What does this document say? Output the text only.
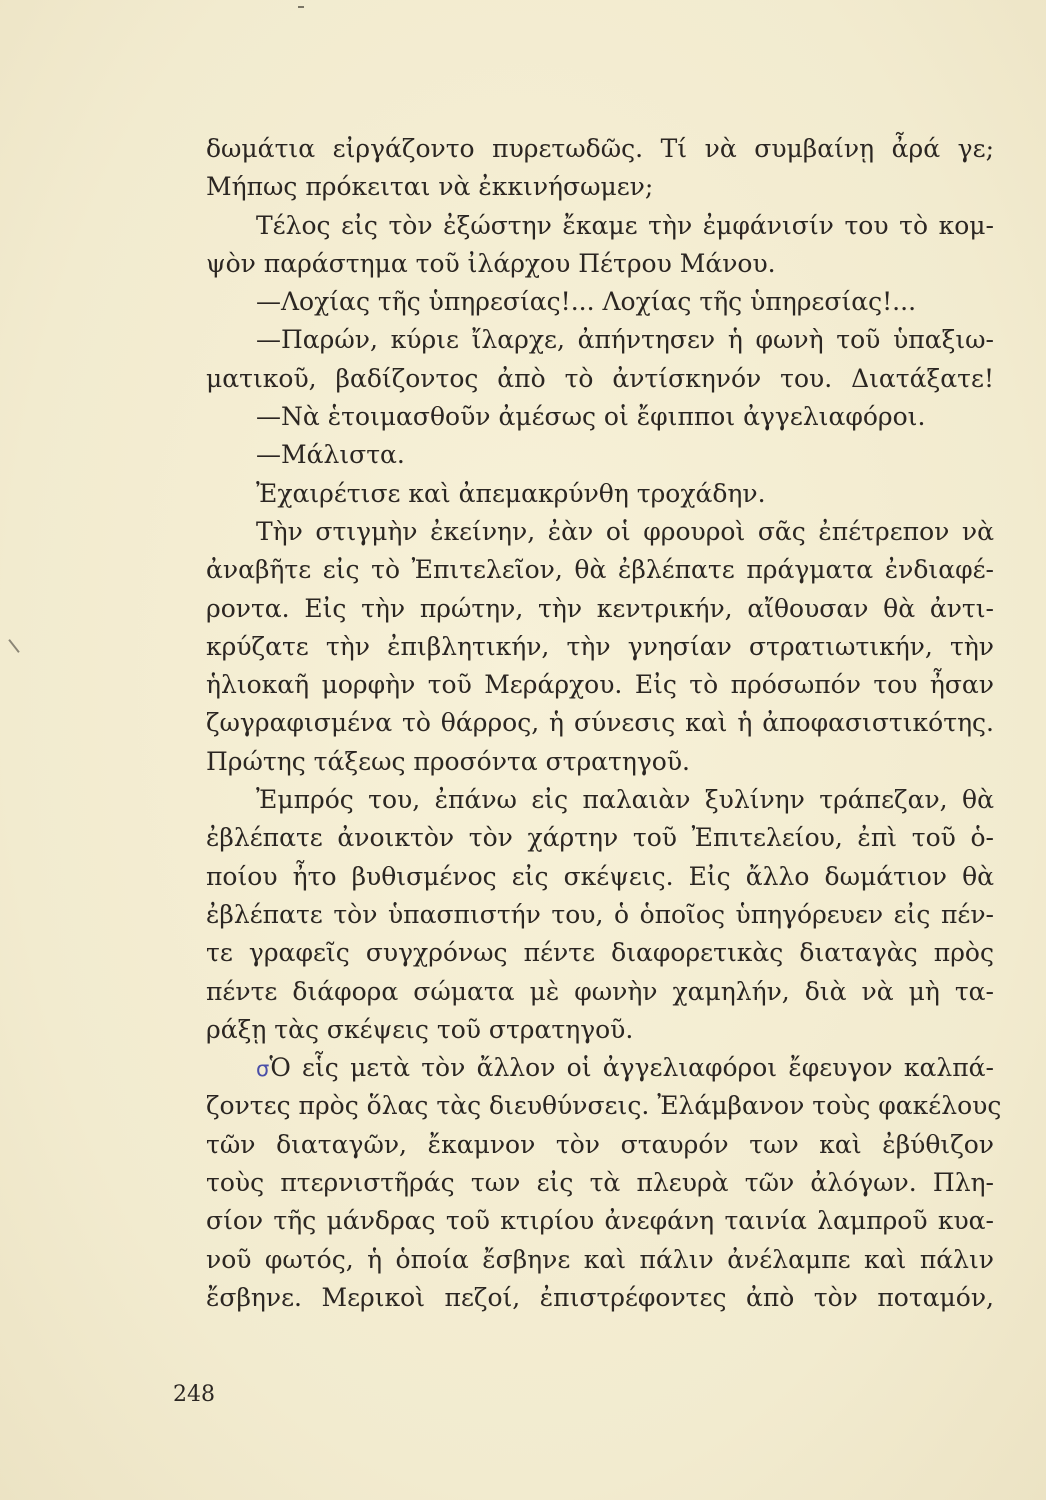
δωμάτια εἰργάζοντο πυρετωδῶς. Τί νὰ συμβαίνῃ ἆρά γε;
Μήπως πρόκειται νὰ ἐκκινήσωμεν;
Τέλος εἰς τὸν ἐξώστην ἔκαμε τὴν ἐμφάνισίν του τὸ κομ-
ψὸν παράστημα τοῦ ἰλάρχου Πέτρου Μάνου.
—Λοχίας τῆς ὑπηρεσίας!... Λοχίας τῆς ὑπηρεσίας!...
—Παρών, κύριε ἴλαρχε, ἀπήντησεν ἡ φωνὴ τοῦ ὑπαξιω-
ματικοῦ, βαδίζοντος ἀπὸ τὸ ἀντίσκηνόν του. Διατάξατε!
—Νὰ ἑτοιμασθοῦν ἀμέσως οἱ ἔφιπποι ἀγγελιαφόροι.
—Μάλιστα.
Ἐχαιρέτισε καὶ ἀπεμακρύνθη τροχάδην.
Τὴν στιγμὴν ἐκείνην, ἐὰν οἱ φρουροὶ σᾶς ἐπέτρεπον νὰ
ἀναβῆτε εἰς τὸ Ἐπιτελεῖον, θὰ ἐβλέπατε πράγματα ἐνδιαφέ-
ροντα. Εἰς τὴν πρώτην, τὴν κεντρικήν, αἴθουσαν θὰ ἀντι-
κρύζατε τὴν ἐπιβλητικήν, τὴν γνησίαν στρατιωτικήν, τὴν
ἡλιοκαῆ μορφὴν τοῦ Μεράρχου. Εἰς τὸ πρόσωπόν του ἦσαν
ζωγραφισμένα τὸ θάρρος, ἡ σύνεσις καὶ ἡ ἀποφασιστικότης.
Πρώτης τάξεως προσόντα στρατηγοῦ.
Ἐμπρός του, ἐπάνω εἰς παλαιὰν ξυλίνην τράπεζαν, θὰ
ἐβλέπατε ἀνοικτὸν τὸν χάρτην τοῦ Ἐπιτελείου, ἐπὶ τοῦ ὁ-
ποίου ἦτο βυθισμένος εἰς σκέψεις. Εἰς ἄλλο δωμάτιον θὰ
ἐβλέπατε τὸν ὑπασπιστήν του, ὁ ὁποῖος ὑπηγόρευεν εἰς πέν-
τε γραφεῖς συγχρόνως πέντε διαφορετικὰς διαταγὰς πρὸς
πέντε διάφορα σώματα μὲ φωνὴν χαμηλήν, διὰ νὰ μὴ τα-
ράξῃ τὰς σκέψεις τοῦ στρατηγοῦ.
σὉ εἷς μετὰ τὸν ἄλλον οἱ ἀγγελιαφόροι ἔφευγον καλπά-
ζοντες πρὸς ὅλας τὰς διευθύνσεις. Ἐλάμβανον τοὺς φακέλους
τῶν διαταγῶν, ἔκαμνον τὸν σταυρόν των καὶ ἐβύθιζον
τοὺς πτερνιστῆράς των εἰς τὰ πλευρὰ τῶν ἀλόγων. Πλη-
σίον τῆς μάνδρας τοῦ κτιρίου ἀνεφάνη ταινία λαμπροῦ κυα-
νοῦ φωτός, ἡ ὁποία ἔσβηνε καὶ πάλιν ἀνέλαμπε καὶ πάλιν
ἔσβηνε. Μερικοὶ πεζοί, ἐπιστρέφοντες ἀπὸ τὸν ποταμόν,
248
